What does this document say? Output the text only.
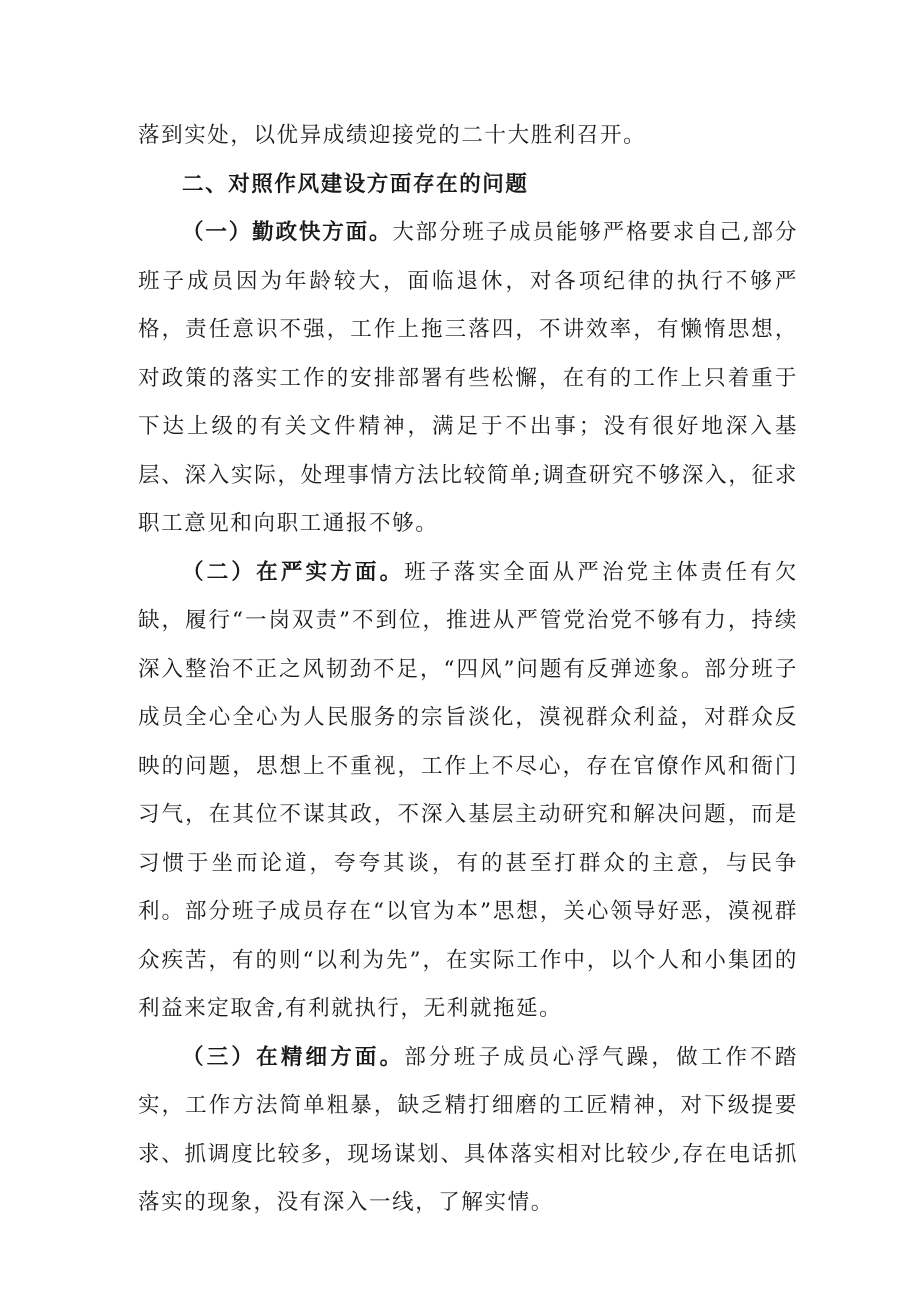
落到实处，以优异成绩迎接党的二十大胜利召开。

二、对照作风建设方面存在的问题

（一）勤政快方面。大部分班子成员能够严格要求自己,部分班子成员因为年龄较大，面临退休，对各项纪律的执行不够严格，责任意识不强，工作上拖三落四，不讲效率，有懒惰思想，对政策的落实工作的安排部署有些松懈，在有的工作上只着重于下达上级的有关文件精神，满足于不出事；没有很好地深入基层、深入实际，处理事情方法比较简单;调查研究不够深入，征求职工意见和向职工通报不够。

（二）在严实方面。班子落实全面从严治党主体责任有欠缺，履行“一岗双责”不到位，推进从严管党治党不够有力，持续深入整治不正之风韧劲不足，“四风”问题有反弹迹象。部分班子成员全心全心为人民服务的宗旨淡化，漠视群众利益，对群众反映的问题，思想上不重视，工作上不尽心，存在官僚作风和衙门习气，在其位不谋其政，不深入基层主动研究和解决问题，而是习惯于坐而论道，夸夸其谈，有的甚至打群众的主意，与民争利。部分班子成员存在“以官为本”思想，关心领导好恶，漠视群众疾苦，有的则“以利为先”，在实际工作中，以个人和小集团的利益来定取舍,有利就执行，无利就拖延。

（三）在精细方面。部分班子成员心浮气躁，做工作不踏实，工作方法简单粗暴，缺乏精打细磨的工匠精神，对下级提要求、抓调度比较多，现场谋划、具体落实相对比较少,存在电话抓落实的现象，没有深入一线，了解实情。
